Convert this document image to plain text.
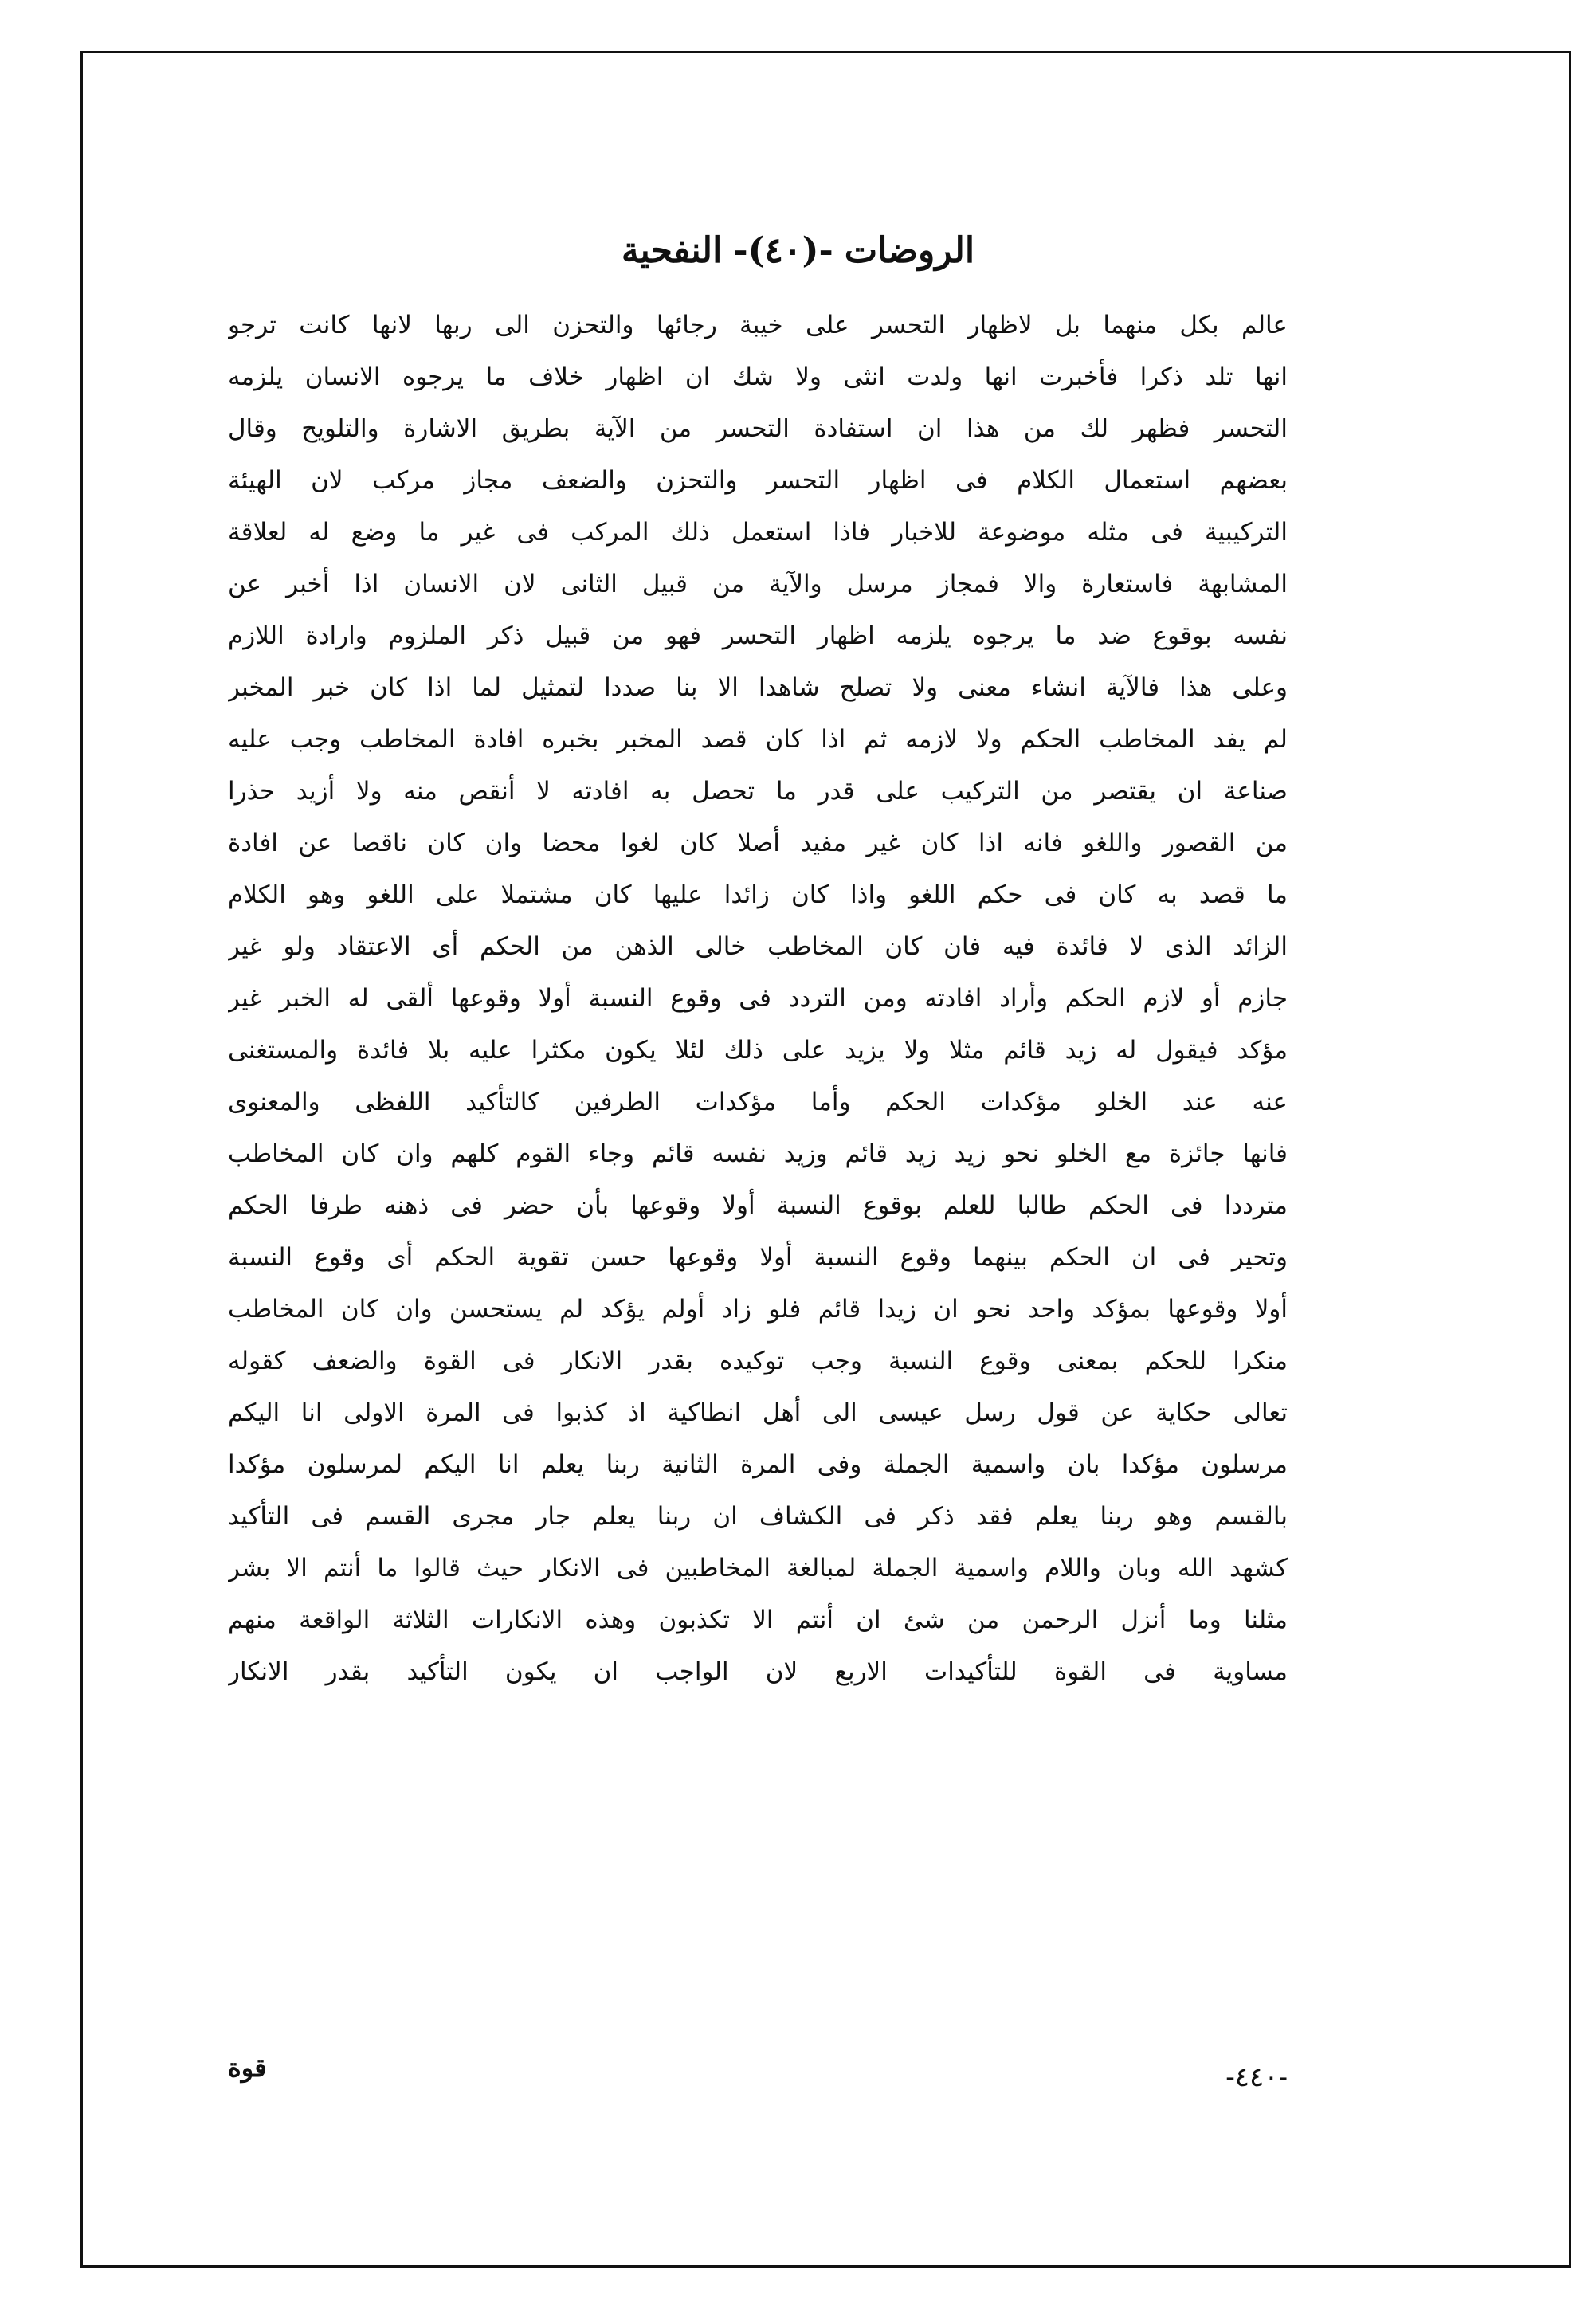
الروضات-(٤٠)-النفحية
عالم بكل منهما بل لاظهار التحسر على خيبة رجائها والتحزن الى ربها لانها كانت ترجو
انها تلد ذكرا فأخبرت انها ولدت انثى ولا شك ان اظهار خلاف ما يرجوه الانسان يلزمه
التحسر فظهر لك من هذا ان استفادة التحسر من الآية بطريق الاشارة والتلويح وقال
بعضهم استعمال الكلام فى اظهار التحسر والتحزن والضعف مجاز مركب لان الهيئة
التركيبية فى مثله موضوعة للاخبار فاذا استعمل ذلك المركب فى غير ما وضع له لعلاقة
المشابهة فاستعارة والا فمجاز مرسل والآية من قبيل الثانى لان الانسان اذا أخبر عن
نفسه بوقوع ضد ما يرجوه يلزمه اظهار التحسر فهو من قبيل ذكر الملزوم وارادة اللازم
وعلى هذا فالآية انشاء معنى ولا تصلح شاهدا الا بنا صددا لتمثيل لما اذا كان خبر المخبر
لم يفد المخاطب الحكم ولا لازمه ثم اذا كان قصد المخبر بخبره افادة المخاطب وجب عليه
صناعة ان يقتصر من التركيب على قدر ما تحصل به افادته لا أنقص منه ولا أزيد حذرا
من القصور واللغو فانه اذا كان غير مفيد أصلا كان لغوا محضا وان كان ناقصا عن افادة
ما قصد به كان فى حكم اللغو واذا كان زائدا عليها كان مشتملا على اللغو وهو الكلام
الزائد الذى لا فائدة فيه فان كان المخاطب خالى الذهن من الحكم أى الاعتقاد ولو غير
جازم أو لازم الحكم وأراد افادته ومن التردد فى وقوع النسبة أولا وقوعها ألقى له الخبر غير
مؤكد فيقول له زيد قائم مثلا ولا يزيد على ذلك لئلا يكون مكثرا عليه بلا فائدة والمستغنى
عنه عند الخلو مؤكدات الحكم وأما مؤكدات الطرفين كالتأكيد اللفظى والمعنوى
فانها جائزة مع الخلو نحو زيد زيد قائم وزيد نفسه قائم وجاء القوم كلهم وان كان المخاطب
مترددا فى الحكم طالبا للعلم بوقوع النسبة أولا وقوعها بأن حضر فى ذهنه طرفا الحكم
وتحير فى ان الحكم بينهما وقوع النسبة أولا وقوعها حسن تقوية الحكم أى وقوع النسبة
أولا وقوعها بمؤكد واحد نحو ان زيدا قائم فلو زاد أولم يؤكد لم يستحسن وان كان المخاطب
منكرا للحكم بمعنى وقوع النسبة وجب توكيده بقدر الانكار فى القوة والضعف كقوله
تعالى حكاية عن قول رسل عيسى الى أهل انطاكية اذ كذبوا فى المرة الاولى انا اليكم
مرسلون مؤكدا بان واسمية الجملة وفى المرة الثانية ربنا يعلم انا اليكم لمرسلون مؤكدا
بالقسم وهو ربنا يعلم فقد ذكر فى الكشاف ان ربنا يعلم جار مجرى القسم فى التأكيد
كشهد الله وبان واللام واسمية الجملة لمبالغة المخاطبين فى الانكار حيث قالوا ما أنتم الا بشر
مثلنا وما أنزل الرحمن من شئ ان أنتم الا تكذبون وهذه الانكارات الثلاثة الواقعة منهم
مساوية فى القوة للتأكيدات الاربع لان الواجب ان يكون التأكيد بقدر الانكار
قوة	-٤٤٠-
